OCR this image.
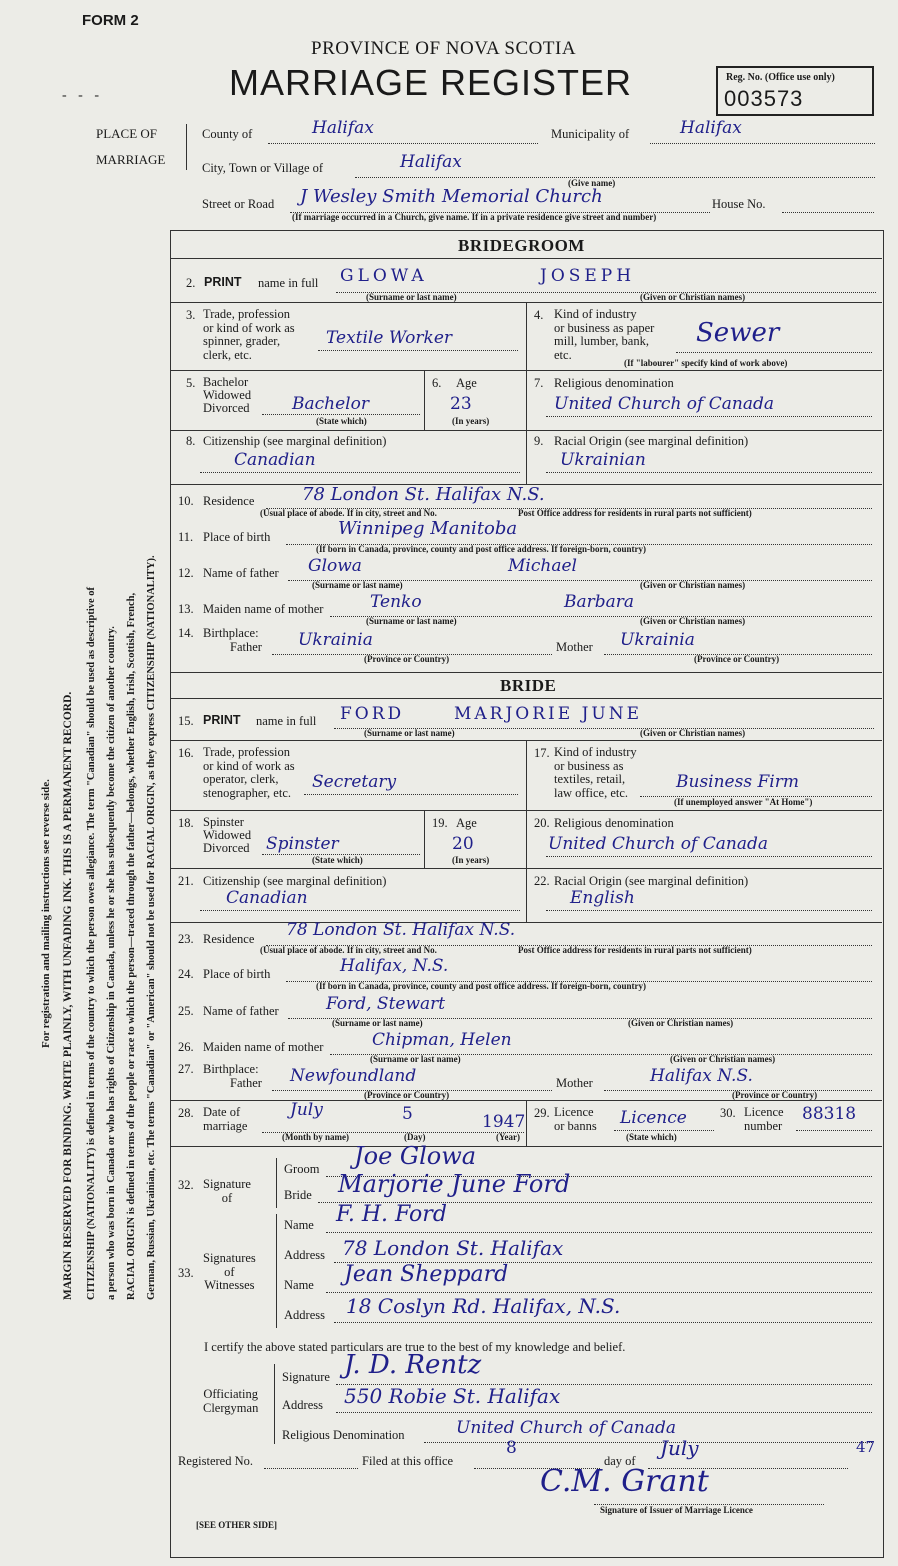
FORM 2
- - -
PROVINCE OF NOVA SCOTIA
MARRIAGE REGISTER	Reg. No. (Office use only)
003573
PLACE OF
MARRIAGE
County of	Halifax	Municipality of	Halifax
City, Town or Village of	Halifax
(Give name)
Street or Road J Wesley Smith Memorial Church	House No.
(If marriage occurred in a Church, give name. If in a private residence give street and number)
For registration and mailing instructions see reverse side. MARGIN RESERVED FOR BINDING. WRITE PLAINLY, WITH UNFADING INK. THIS IS A PERMANENT RECORD. CITIZENSHIP (NATIONALITY) is defined in terms of the country to which the person owes allegiance. The term "Canadian" should be used as descriptive of a person who was born in Canada or who has rights of Citizenship in Canada, unless he or she has subsequently become the citizen of another country. RACIAL ORIGIN is defined in terms of the people or race to which the person—traced through the father—belongs, whether English, Irish, Scottish, French, German, Russian, Ukrainian, etc. The terms "Canadian" or "American" should not be used for RACIAL ORIGIN, as they express CITIZENSHIP (NATIONALITY).
BRIDEGROOM
2. PRINT name in full GLOWA	JOSEPH
(Surname or last name)	(Given or Christian names)
3. Trade, profession
or kind of work as
spinner, grader,
clerk, etc.
Textile Worker
4. Kind of industry
or business as paper
mill, lumber, bank,
etc.
Sewer
(If "labourer" specify kind of work above)
5. Bachelor
Widowed
Divorced Bachelor
(State which)
6. Age
23
(In years)
7. Religious denomination
United Church of Canada
8. Citizenship (see marginal definition)
Canadian
9. Racial Origin (see marginal definition)
Ukrainian
10. Residence	78 London St. Halifax N.S.
(Usual place of abode. If in city, street and No.	Post Office address for residents in rural parts not sufficient)
11. Place of birth	Winnipeg Manitoba
(If born in Canada, province, county and post office address. If foreign-born, country)
12. Name of father Glowa	Michael
(Surname or last name)	(Given or Christian names)
13. Maiden name of mother	Tenko	Barbara
(Surname or last name)	(Given or Christian names)
14. Birthplace:
Father Ukrainia
(Province or Country)
Mother Ukrainia
(Province or Country)
BRIDE
15. PRINT name in full FORD	MARJORIE JUNE
(Surname or last name)	(Given or Christian names)
16. Trade, profession
or kind of work as
operator, clerk,
stenographer, etc.
Secretary
17. Kind of industry
or business as
textiles, retail,
law office, etc.
Business Firm
(If unemployed answer "At Home")
18. Spinster
Widowed
Divorced Spinster
(State which)
19. Age
20
(In years)
20. Religious denomination
United Church of Canada
21. Citizenship (see marginal definition)
Canadian
22. Racial Origin (see marginal definition)
English
23. Residence 78 London St. Halifax N.S.
(Usual place of abode. If in city, street and No.	Post Office address for residents in rural parts not sufficient)
24. Place of birth	Halifax, N.S.
(If born in Canada, province, county and post office address. If foreign-born, country)
25. Name of father	Ford, Stewart
(Surname or last name)	(Given or Christian names)
26. Maiden name of mother	Chipman, Helen
(Surname or last name)	(Given or Christian names)
27. Birthplace:
Father Newfoundland
(Province or Country)
Mother	Halifax N.S.
(Province or Country)
28. Date of
marriage
July	5	1947
(Month by name)	(Day)	(Year)
29. Licence
or banns Licence
(State which)
30. Licence
number
88318
32. Signature
of
Groom Joe Glowa
Bride Marjorie June Ford
33.
Signatures
of
Witnesses
Name F. H. Ford
Address 78 London St. Halifax
Name Jean Sheppard
Address 18 Coslyn Rd. Halifax, N.S.
I certify the above stated particulars are true to the best of my knowledge and belief.
Officiating
Clergyman
Signature J. D. Rentz
Address 550 Robie St. Halifax
Religious Denomination	United Church of Canada
Registered No.	Filed at this office
8
day of
July	47
C.M. Grant
Signature of Issuer of Marriage Licence
[SEE OTHER SIDE]
